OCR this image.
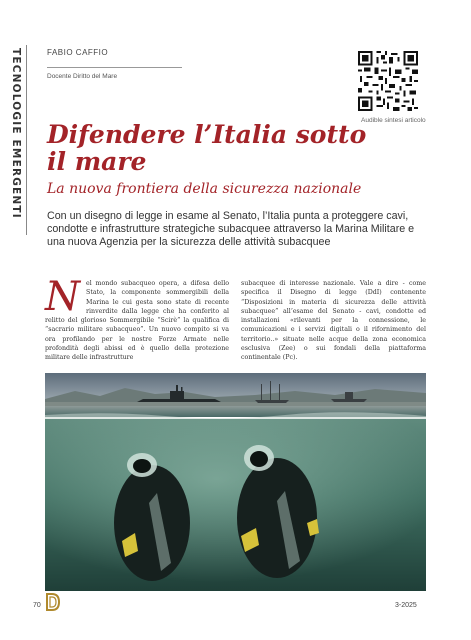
TECNOLOGIE EMERGENTI	FABIO CAFFIO
Docente Diritto del Mare
Audible sintesi articolo
Difendere l’Italia sotto il mare
La nuova frontiera della sicurezza nazionale

Con un disegno di legge in esame al Senato, l’Italia punta a proteggere cavi, condotte e infrastrutture strategiche subacquee attraverso la Marina Militare e una nuova Agenzia per la sicurezza delle attività subacquee

Nel mondo subacqueo opera, a difesa dello Stato, la componente sommergibili della Marina le cui gesta sono state di recente rinverdite dalla legge che ha conferito al relitto del glorioso Sommergibile “Scirè” la qualifica di “sacrario militare subacqueo”. Un nuovo compito si va ora profilando per le nostre Forze Armate nelle profondità degli abissi ed è quello della protezione militare delle infrastrutture

subacquee di interesse nazionale. Vale a dire - come specifica il Disegno di legge (DdI) contenente “Disposizioni in materia di sicurezza delle attività subacquee” all’esame del Senato - cavi, condotte ed installazioni «rilevanti per la connessione, le comunicazioni e i servizi digitali o il rifornimento del territorio..» situate nelle acque della zona economica esclusiva (Zee) o sui fondali della piattaforma continentale (Pc).

70	3-2025
